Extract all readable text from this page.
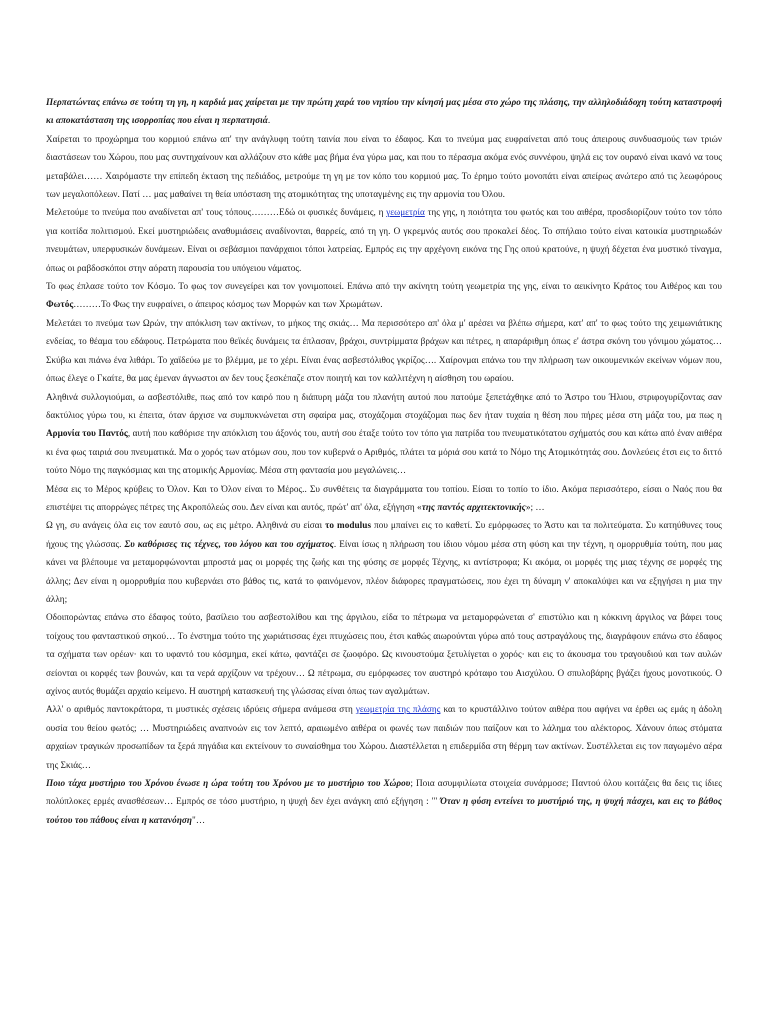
Περπατώντας επάνω σε τούτη τη γη, η καρδιά μας χαίρεται με την πρώτη χαρά του νηπίου την κίνησή μας μέσα στο χώρο της πλάσης, την αλληλοδιάδοχη τούτη καταστροφή κι αποκατάσταση της ισορροπίας που είναι η περπατησιά.

Χαίρεται το προχώρημα του κορμιού επάνω απ' την ανάγλυφη τούτη ταινία που είναι το έδαφος. Και το πνεύμα μας ευφραίνεται από τους άπειρους συνδυασμούς των τριών διαστάσεων του Χώρου, που μας συντηχαίνουν και αλλάζουν στο κάθε μας βήμα ένα γύρω μας, και που το πέρασμα ακόμα ενός συννέφου, ψηλά εις τον ουρανό είναι ικανό να τους μεταβάλει…… Χαιρόμαστε την επίπεδη έκταση της πεδιάδος, μετρούμε τη γη με τον κόπο του κορμιού μας. Το έρημο τούτο μονοπάτι είναι απείρως ανώτερο από τις λεωφόρους των μεγαλοπόλεων. Πατί … μας μαθαίνει τη θεία υπόσταση της ατομικότητας της υποταγμένης εις την αρμονία του Όλου.

Μελετούμε το πνεύμα που αναδίνεται απ' τους τόπους………Εδώ οι φυσικές δυνάμεις, η γεωμετρία της γης, η ποιότητα του φωτός και του αιθέρα, προσδιορίζουν τούτο τον τόπο για κοιτίδα πολιτισμού. Εκεί μυστηριώδεις αναθυμιάσεις αναδίνονται, θαρρείς, από τη γη. Ο γκρεμνός αυτός σου προκαλεί δέος. Το σπήλαιο τούτο είναι κατοικία μυστηριωδών πνευμάτων, υπερφυσικών δυνάμεων. Είναι οι σεβάσμιοι πανάρχαιοι τόποι λατρείας. Εμπρός εις την αρχέγονη εικόνα της Γης οπού κρατούνε, η ψυχή δέχεται ένα μυστικό τίναγμα, όπως οι ραβδοσκόποι στην αόρατη παρουσία του υπόγειου νάματος.

Το φως έπλασε τούτο τον Κόσμο. Το φως τον συνεγείρει και τον γονιμοποιεί. Επάνω από την ακίνητη τούτη γεωμετρία της γης, είναι το αεικίνητο Κράτος του Αιθέρος και του Φωτός………Το Φως την ευφραίνει, ο άπειρος κόσμος των Μορφών και των Χρωμάτων.

Μελετάει το πνεύμα των Ωρών, την απόκλιση των ακτίνων, το μήκος της σκιάς… Μα περισσότερο απ' όλα μ' αρέσει να βλέπω σήμερα, κατ' απ' το φως τούτο της χειμωνιάτικης ενδείας, το θέαμα του εδάφους. Πετρώματα που θεϊκές δυνάμεις τα έπλασαν, βράχοι, συντρίμματα βράχων και πέτρες, η απαράριθμη όπως ε' άστρα σκόνη του γόνιμου χώματος… Σκύβω και πιάνω ένα λιθάρι. Το χαϊδεύω με το βλέμμα, με το χέρι. Είναι ένας ασβεστόλιθος γκρίζος…. Χαίρονμαι επάνω του την πλήρωση των οικουμενικών εκείνων νόμων που, όπως έλεγε ο Γκαίτε, θα μας έμεναν άγνωστοι αν δεν τους ξεσκέπαζε στον ποιητή και τον καλλιτέχνη η αίσθηση του ωραίου.

Αληθινά συλλογιούμαι, ω ασβεστόλιθε, πως από τον καιρό που η διάπυρη μάζα του πλανήτη αυτού που πατούμε ξεπετάχθηκε από το Άστρο του Ήλιου, στριφογυρίζοντας σαν δακτύλιος γύρω του, κι έπειτα, όταν άρχισε να συμπυκνώνεται στη σφαίρα μας, στοχάζομαι στοχάζομαι πως δεν ήταν τυχαία η θέση που πήρες μέσα στη μάζα του, μα πως η Αρμονία του Παντός, αυτή που καθόρισε την απόκλιση του άξονός του, αυτή σου έταξε τούτο τον τόπο για πατρίδα του πνευματικότατου σχήματός σου και κάτω από έναν αιθέρα κι ένα φως ταιριά σου πνευματικά. Μα ο χορός των ατόμων σου, που τον κυβερνά ο Αριθμός, πλάτει τα μόριά σου κατά το Νόμο της Ατομικότητάς σου. Δονλεύεις έτσι εις το διττό τούτο Νόμο της παγκόσμιας και της ατομικής Αρμονίας. Μέσα στη φαντασία μου μεγαλώνεις…

Μέσα εις το Μέρος κρύβεις το Όλον. Και το Όλον είναι το Μέρος.. Συ συνθέτεις τα διαγράμματα του τοπίου. Είσαι το τοπίο το ίδιο. Ακόμα περισσότερο, είσαι ο Ναός που θα επιστέψει τις απορρώγες πέτρες της Ακροπόλεώς σου. Δεν είναι και αυτός, πρώτ' απ' όλα, εξήγηση «της παντός αρχιτεκτονικής»; …

Ω γη, συ ανάγεις όλα εις τον εαυτό σου, ως εις μέτρο. Αληθινά συ είσαι το modulus που μπαίνει εις το καθετί. Συ εμόρφωσες το Άστυ και τα πολιτεύματα. Συ κατηύθυνες τους ήχους της γλώσσας. Συ καθόρισες τις τέχνες, του λόγου και του σχήματος. Είναι ίσως η πλήρωση του ίδιου νόμου μέσα στη φύση και την τέχνη, η ομορρυθμία τούτη, που μας κάνει να βλέπουμε να μεταμορφώνονται μπροστά μας οι μορφές της ζωής και της φύσης σε μορφές Τέχνης, κι αντίστροφα; Κι ακόμα, οι μορφές της μιας τέχνης σε μορφές της άλλης; Δεν είναι η ομορρυθμία που κυβερνάει στο βάθος τις, κατά το φαινόμενον, πλέον διάφορες πραγματώσεις, που έχει τη δύναμη ν' αποκαλύψει και να εξηγήσει η μια την άλλη;

Οδοιπορώντας επάνω στο έδαφος τούτο, βασίλειο του ασβεστολίθου και της άργιλου, είδα το πέτρωμα να μεταμορφώνεται σ' επιστύλιο και η κόκκινη άργιλος να βάφει τους τοίχους του φανταστικού σηκού… Το ένστημα τούτο της χωριάτισσας έχει πτυχώσεις που, έτσι καθώς αιωρούνται γύρω από τους αστραγάλους της, διαγράφουν επάνω στο έδαφος τα σχήματα των ορέων· και το υφαντό του κόσμημα, εκεί κάτω, φαντάζει σε ζωοφόρο. Ως κινουστούμα ξετυλίγεται ο χορός· και εις το άκουσμα του τραγουδιού και των αυλών σείονται οι κορφές των βουνών, και τα νερά αρχίζουν να τρέχουν… Ω πέτρωμα, συ εμόρφωσες τον αυστηρό κρόταφο του Αισχύλου. Ο σπυλοβάρης βγάζει ήχους μονοτικούς. Ο αχίνος αυτός θυμάζει αρχαίο κείμενο. Η αυστηρή κατασκευή της γλώσσας είναι όπως των αγαλμάτων.

Αλλ' ο αριθμός παντοκράτορα, τι μυστικές σχέσεις ιδρύεις σήμερα ανάμεσα στη γεωμετρία της πλάσης και το κρυστάλλινο τούτον αιθέρα που αφήνει να έρθει ως εμάς η άδολη ουσία του θείου φωτός; … Μυστηριώδεις αναπνοών εις τον λεπτό, αραιωμένο αιθέρα οι φωνές των παιδιών που παίζουν και το λάλημα του αλέκτορος. Χάνουν όπως στόματα αρχαίων τραγικών προσωπίδων τα ξερά πηγάδια και εκτείνουν το συναίσθημα του Χώρου. Διαστέλλεται η επιδερμίδα στη θέρμη των ακτίνων. Συστέλλεται εις τον παγωμένο αέρα της Σκιάς…

Ποιο τάχα μυστήριο του Χρόνου ένωσε η ώρα τούτη του Χρόνου με το μυστήριο του Χώρου; Ποια ασυμφιλίωτα στοιχεία συνάρμοσε; Παντού όλου κοιτάζεις θα δεις τις ίδιες πολύπλοκες ερμές ανασθέσεων… Εμπρός σε τόσο μυστήριο, η ψυχή δεν έχει ανάγκη από εξήγηση : "' Όταν η φύση εντείνει το μυστήριό της, η ψυχή πάσχει, και εις το βάθος τούτου του πάθους είναι η κατανόηση"…
